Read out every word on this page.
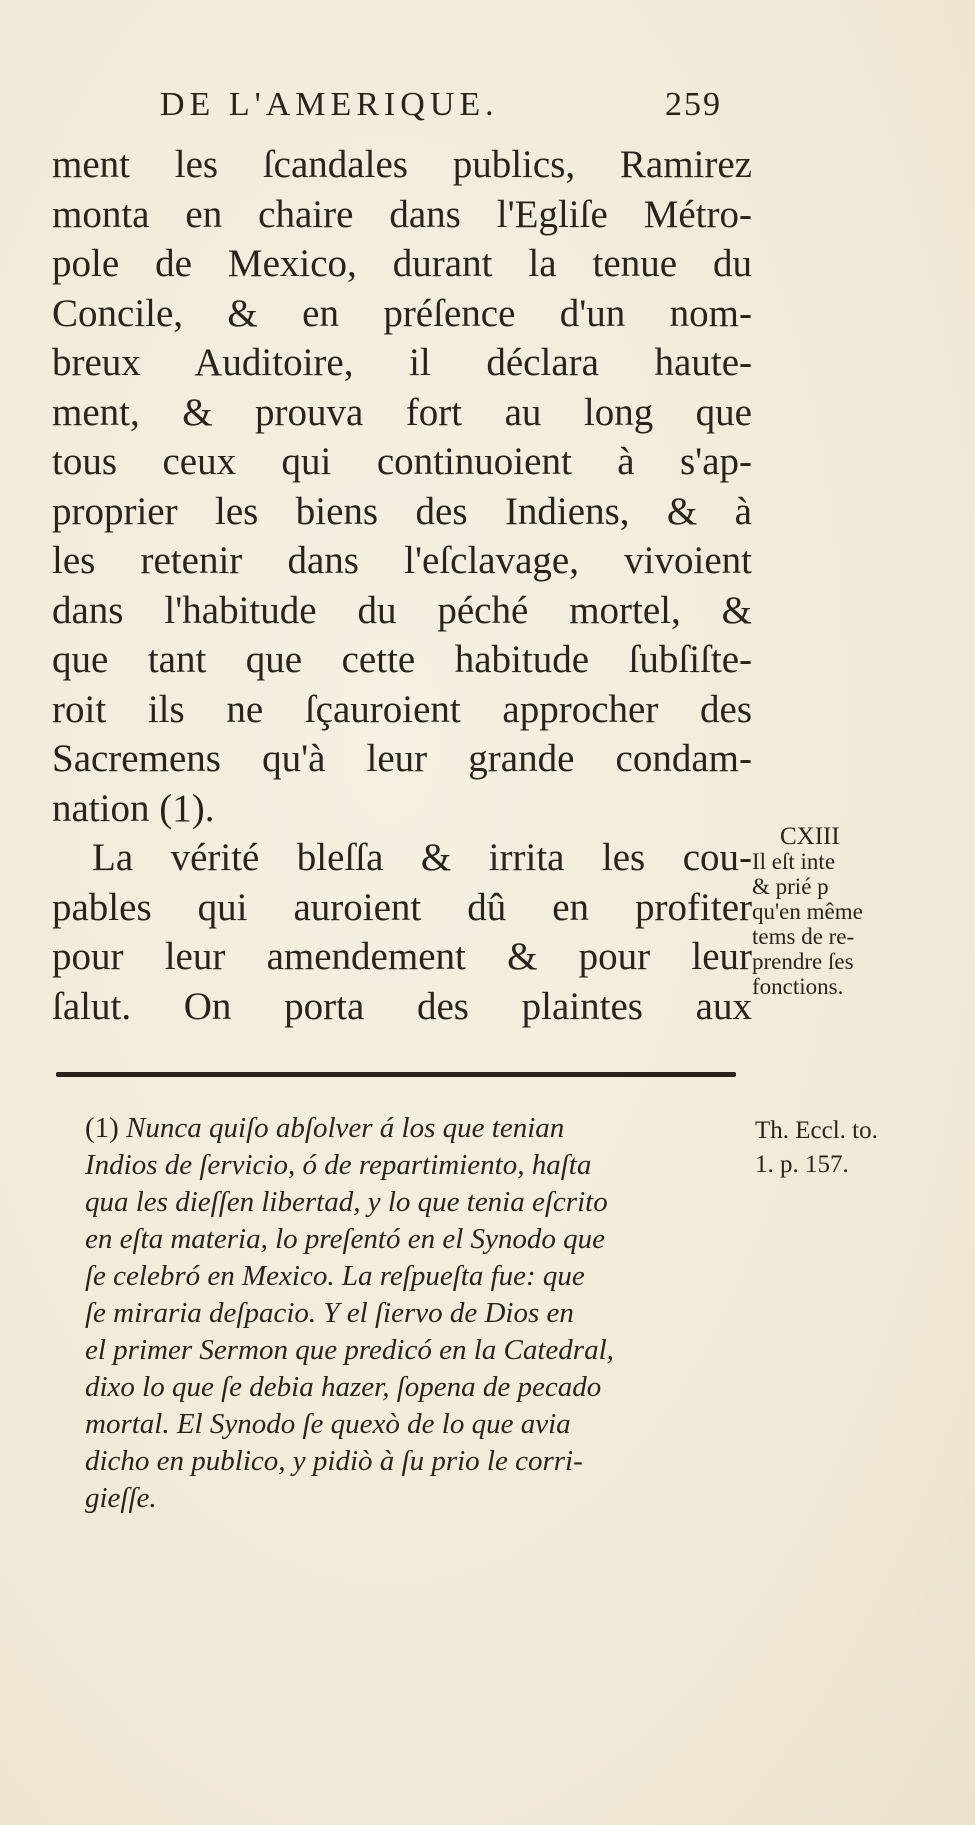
DE L'AMERIQUE.	259
ment les ſcandales publics, Ramirez
monta en chaire dans l'Egliſe Métro-
pole de Mexico, durant la tenue du
Concile, & en préſence d'un nom-
breux Auditoire, il déclara haute-
ment, & prouva fort au long que
tous ceux qui continuoient à s'ap-
proprier les biens des Indiens, & à
les retenir dans l'eſclavage, vivoient
dans l'habitude du péché mortel, &
que tant que cette habitude ſubſiſte-
roit ils ne ſçauroient approcher des
Sacremens qu'à leur grande condam-
nation (1).
La vérité bleſſa & irrita les cou-
pables qui auroient dû en profiter
pour leur amendement & pour leur
ſalut. On porta des plaintes aux
CXIII
Il eſt inte
& prié p
qu'en même
tems de re-
prendre ſes
fonctions.
(1) Nunca quiſo abſolver á los que tenian
Indios de ſervicio, ó de repartimiento, haſta
qua les dieſſen libertad, y lo que tenia eſcrito
en eſta materia, lo preſentó en el Synodo que
ſe celebró en Mexico. La reſpueſta fue: que
ſe miraria deſpacio. Y el ſiervo de Dios en
el primer Sermon que predicó en la Catedral,
dixo lo que ſe debia hazer, ſopena de pecado
mortal. El Synodo ſe quexò de lo que avia
dicho en publico, y pidiò à ſu prio le corri-
gieſſe.
Th. Eccl. to.
1. p. 157.
